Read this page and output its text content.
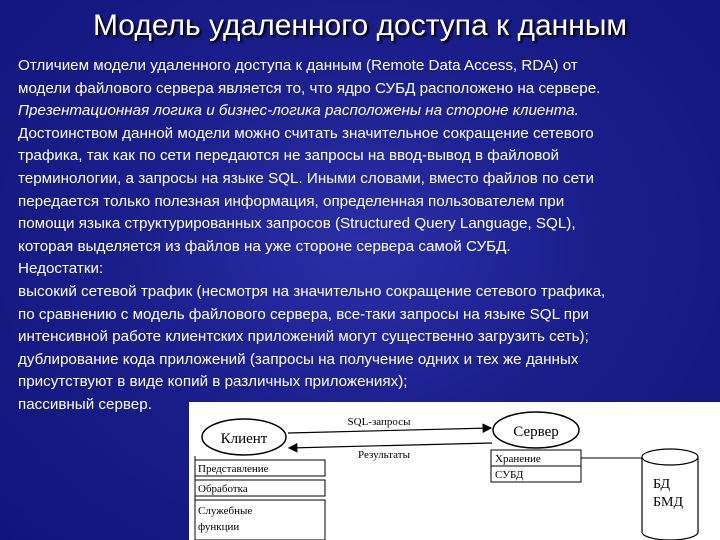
Модель удаленного доступа к данным
Отличием модели удаленного доступа к данным (Remote Data Access, RDA) от
модели файлового сервера является то, что ядро СУБД расположено на сервере.
Презентационная логика и бизнес-логика расположены на стороне клиента.
Достоинством данной модели можно считать значительное сокращение сетевого
трафика, так как по сети передаются не запросы на ввод-вывод в файловой
терминологии, а запросы на языке SQL. Иными словами, вместо файлов по сети
передается только полезная информация, определенная пользователем при
помощи языка структурированных запросов (Structured Query Language, SQL),
которая выделяется из файлов на уже стороне сервера самой СУБД.
Недостатки:
высокий сетевой трафик (несмотря на значительно сокращение сетевого трафика,
по сравнению с модель файлового сервера, все-таки запросы на языке SQL при
интенсивной работе клиентских приложений могут существенно загрузить сеть);
дублирование кода приложений (запросы на получение одних и тех же данных
присутствуют в виде копий в различных приложениях);
пассивный сервер.
Клиент	Сервер
SQL-запросы
Результаты
Представление
Обработка
Служебные
функции
Хранение
СУБД
БД
БМД
